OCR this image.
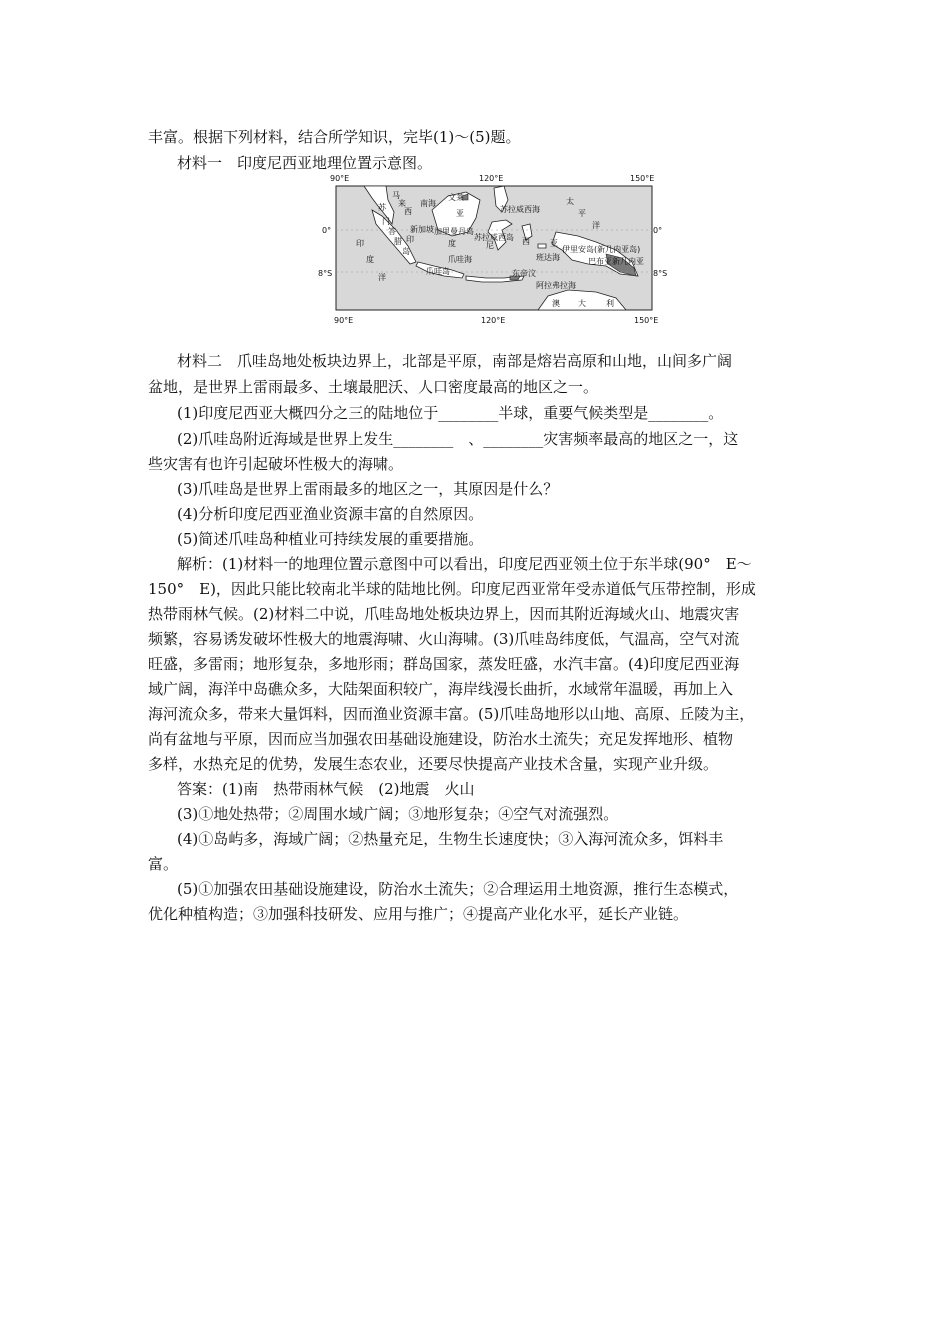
丰富。根据下列材料，结合所学知识，完毕(1)～(5)题。
材料一　印度尼西亚地理位置示意图。
90°E	120°E	150°E
90°E	120°E	150°E
0°
8°S
0°
8°S
南海
文莱
苏拉威西海
太
平
洋
马
来
西	亚
新加坡 加里曼丹岛
苏拉威西岛
伊里安岛(新几内亚岛)
巴布亚新几内亚
苏
门
答
腊
岛
印	度	尼	西	亚
印
度
洋
爪哇海	班达海
东帝汶
爪哇岛
阿拉弗拉海
澳 大	利
材料二　爪哇岛地处板块边界上，北部是平原，南部是熔岩高原和山地，山间多广阔
盆地，是世界上雷雨最多、土壤最肥沃、人口密度最高的地区之一。
(1)印度尼西亚大概四分之三的陆地位于________半球，重要气候类型是________。
(2)爪哇岛附近海域是世界上发生________　、________灾害频率最高的地区之一，这
些灾害有也许引起破坏性极大的海啸。
(3)爪哇岛是世界上雷雨最多的地区之一，其原因是什么？
(4)分析印度尼西亚渔业资源丰富的自然原因。
(5)简述爪哇岛种植业可持续发展的重要措施。
解析：(1)材料一的地理位置示意图中可以看出，印度尼西亚领土位于东半球(90°　E～
150°　E)，因此只能比较南北半球的陆地比例。印度尼西亚常年受赤道低气压带控制，形成
热带雨林气候。(2)材料二中说，爪哇岛地处板块边界上，因而其附近海域火山、地震灾害
频繁，容易诱发破坏性极大的地震海啸、火山海啸。(3)爪哇岛纬度低，气温高，空气对流
旺盛，多雷雨；地形复杂，多地形雨；群岛国家，蒸发旺盛，水汽丰富。(4)印度尼西亚海
域广阔，海洋中岛礁众多，大陆架面积较广，海岸线漫长曲折，水域常年温暖，再加上入
海河流众多，带来大量饵料，因而渔业资源丰富。(5)爪哇岛地形以山地、高原、丘陵为主，
尚有盆地与平原，因而应当加强农田基础设施建设，防治水土流失；充足发挥地形、植物
多样，水热充足的优势，发展生态农业，还要尽快提高产业技术含量，实现产业升级。
答案：(1)南　热带雨林气候　(2)地震　火山
(3)①地处热带；②周围水域广阔；③地形复杂；④空气对流强烈。
(4)①岛屿多，海域广阔；②热量充足，生物生长速度快；③入海河流众多，饵料丰
富。
(5)①加强农田基础设施建设，防治水土流失；②合理运用土地资源，推行生态模式，
优化种植构造；③加强科技研发、应用与推广；④提高产业化水平，延长产业链。
